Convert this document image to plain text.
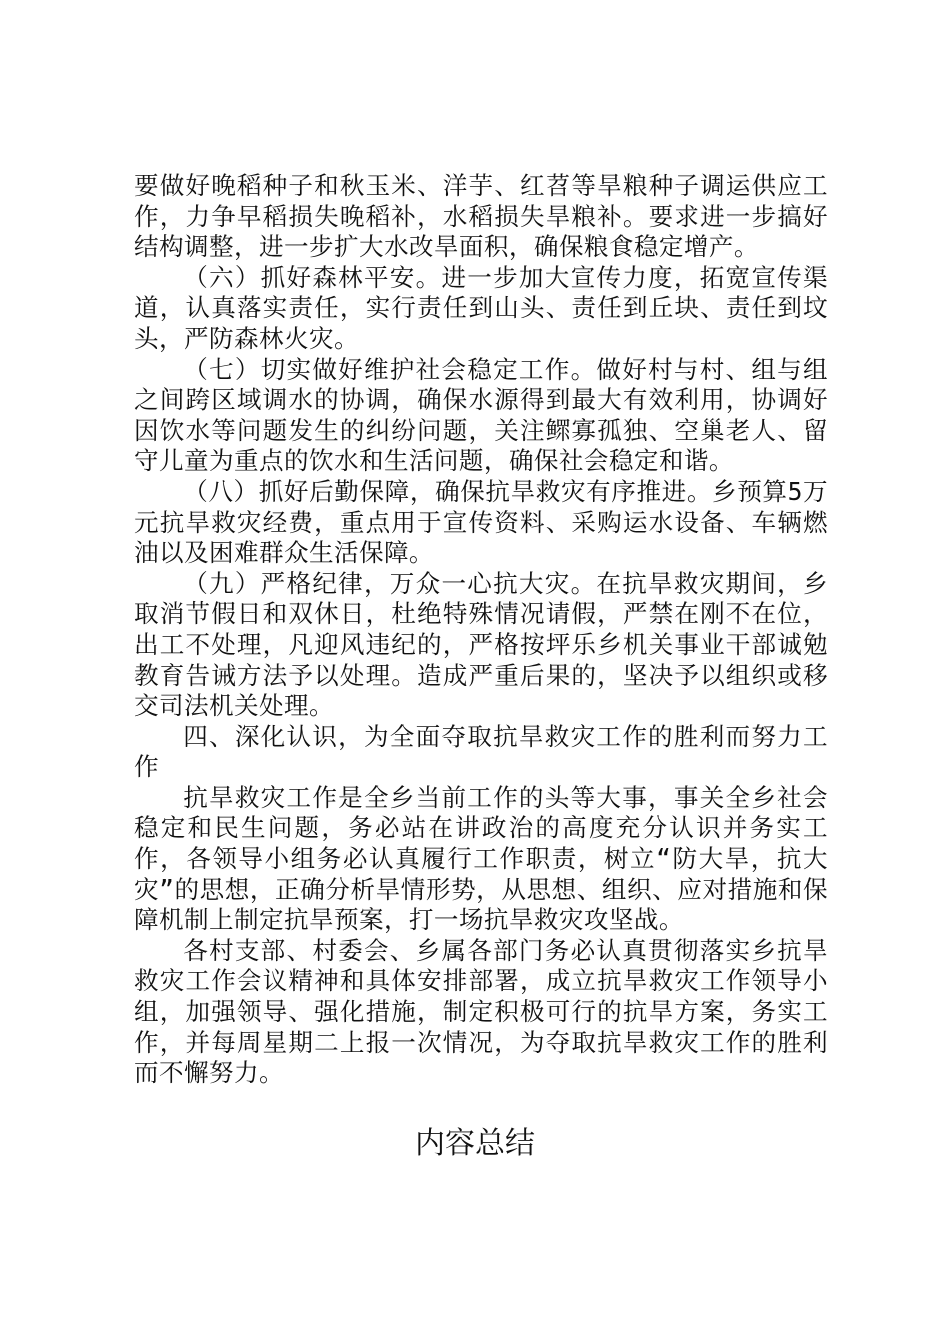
要做好晚稻种子和秋玉米、洋芋、红苕等旱粮种子调运供应工作，力争早稻损失晚稻补，水稻损失旱粮补。要求进一步搞好结构调整，进一步扩大水改旱面积，确保粮食稳定增产。

（六）抓好森林平安。进一步加大宣传力度，拓宽宣传渠道，认真落实责任，实行责任到山头、责任到丘块、责任到坟头，严防森林火灾。

（七）切实做好维护社会稳定工作。做好村与村、组与组之间跨区域调水的协调，确保水源得到最大有效利用，协调好因饮水等问题发生的纠纷问题，关注鳏寡孤独、空巢老人、留守儿童为重点的饮水和生活问题，确保社会稳定和谐。

（八）抓好后勤保障，确保抗旱救灾有序推进。乡预算5万元抗旱救灾经费，重点用于宣传资料、采购运水设备、车辆燃油以及困难群众生活保障。

（九）严格纪律，万众一心抗大灾。在抗旱救灾期间，乡取消节假日和双休日，杜绝特殊情况请假，严禁在刚不在位，出工不处理，凡迎风违纪的，严格按坪乐乡机关事业干部诚勉教育告诫方法予以处理。造成严重后果的，坚决予以组织或移交司法机关处理。

四、深化认识，为全面夺取抗旱救灾工作的胜利而努力工作

抗旱救灾工作是全乡当前工作的头等大事，事关全乡社会稳定和民生问题，务必站在讲政治的高度充分认识并务实工作，各领导小组务必认真履行工作职责，树立“防大旱，抗大灾”的思想，正确分析旱情形势，从思想、组织、应对措施和保障机制上制定抗旱预案，打一场抗旱救灾攻坚战。

各村支部、村委会、乡属各部门务必认真贯彻落实乡抗旱救灾工作会议精神和具体安排部署，成立抗旱救灾工作领导小组，加强领导、强化措施，制定积极可行的抗旱方案，务实工作，并每周星期二上报一次情况，为夺取抗旱救灾工作的胜利而不懈努力。

内容总结
